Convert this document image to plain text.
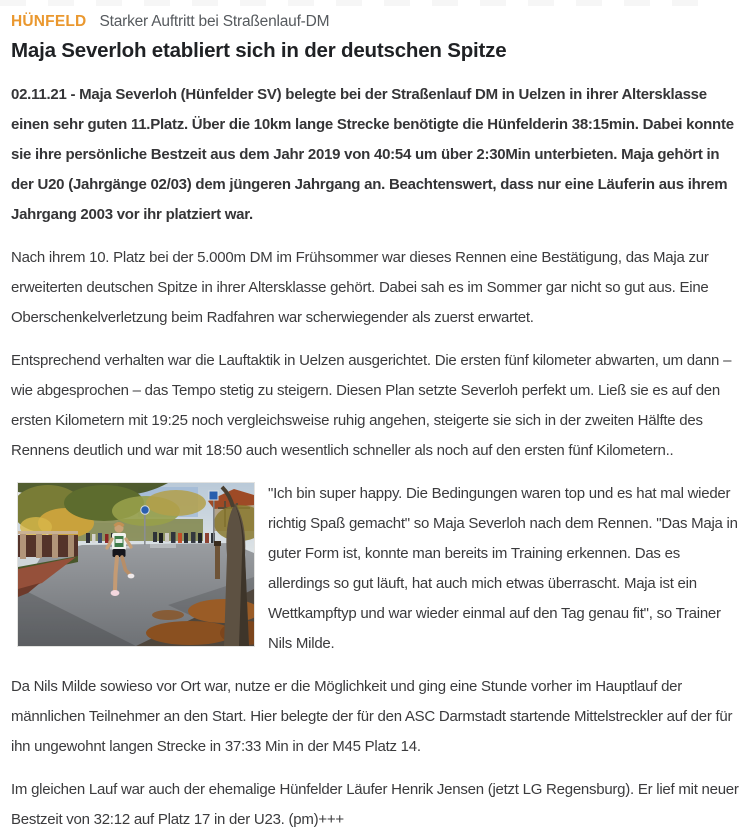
HÜNFELD Starker Auftritt bei Straßenlauf-DM
Maja Severloh etabliert sich in der deutschen Spitze

02.11.21 - Maja Severloh (Hünfelder SV) belegte bei der Straßenlauf DM in Uelzen in ihrer Altersklasse einen sehr guten 11.Platz. Über die 10km lange Strecke benötigte die Hünfelderin 38:15min. Dabei konnte sie ihre persönliche Bestzeit aus dem Jahr 2019 von 40:54 um über 2:30Min unterbieten. Maja gehört in der U20 (Jahrgänge 02/03) dem jüngeren Jahrgang an. Beachtenswert, dass nur eine Läuferin aus ihrem Jahrgang 2003 vor ihr platziert war.

Nach ihrem 10. Platz bei der 5.000m DM im Frühsommer war dieses Rennen eine Bestätigung, das Maja zur erweiterten deutschen Spitze in ihrer Altersklasse gehört. Dabei sah es im Sommer gar nicht so gut aus. Eine Oberschenkelverletzung beim Radfahren war scherwiegender als zuerst erwartet.

Entsprechend verhalten war die Lauftaktik in Uelzen ausgerichtet. Die ersten fünf kilometer abwarten, um dann – wie abgesprochen – das Tempo stetig zu steigern. Diesen Plan setzte Severloh perfekt um. Ließ sie es auf den ersten Kilometern mit 19:25 noch vergleichsweise ruhig angehen, steigerte sie sich in der zweiten Hälfte des Rennens deutlich und war mit 18:50 auch wesentlich schneller als noch auf den ersten fünf Kilometern..

"Ich bin super happy. Die Bedingungen waren top und es hat mal wieder richtig Spaß gemacht" so Maja Severloh nach dem Rennen. "Das Maja in guter Form ist, konnte man bereits im Training erkennen. Das es allerdings so gut läuft, hat auch mich etwas überrascht. Maja ist ein Wettkampftyp und war wieder einmal auf den Tag genau fit", so Trainer Nils Milde.

Da Nils Milde sowieso vor Ort war, nutze er die Möglichkeit und ging eine Stunde vorher im Hauptlauf der männlichen Teilnehmer an den Start. Hier belegte der für den ASC Darmstadt startende Mittelstreckler auf der für ihn ungewohnt langen Strecke in 37:33 Min in der M45 Platz 14.

Im gleichen Lauf war auch der ehemalige Hünfelder Läufer Henrik Jensen (jetzt LG Regensburg). Er lief mit neuer Bestzeit von 32:12 auf Platz 17 in der U23. (pm)+++
